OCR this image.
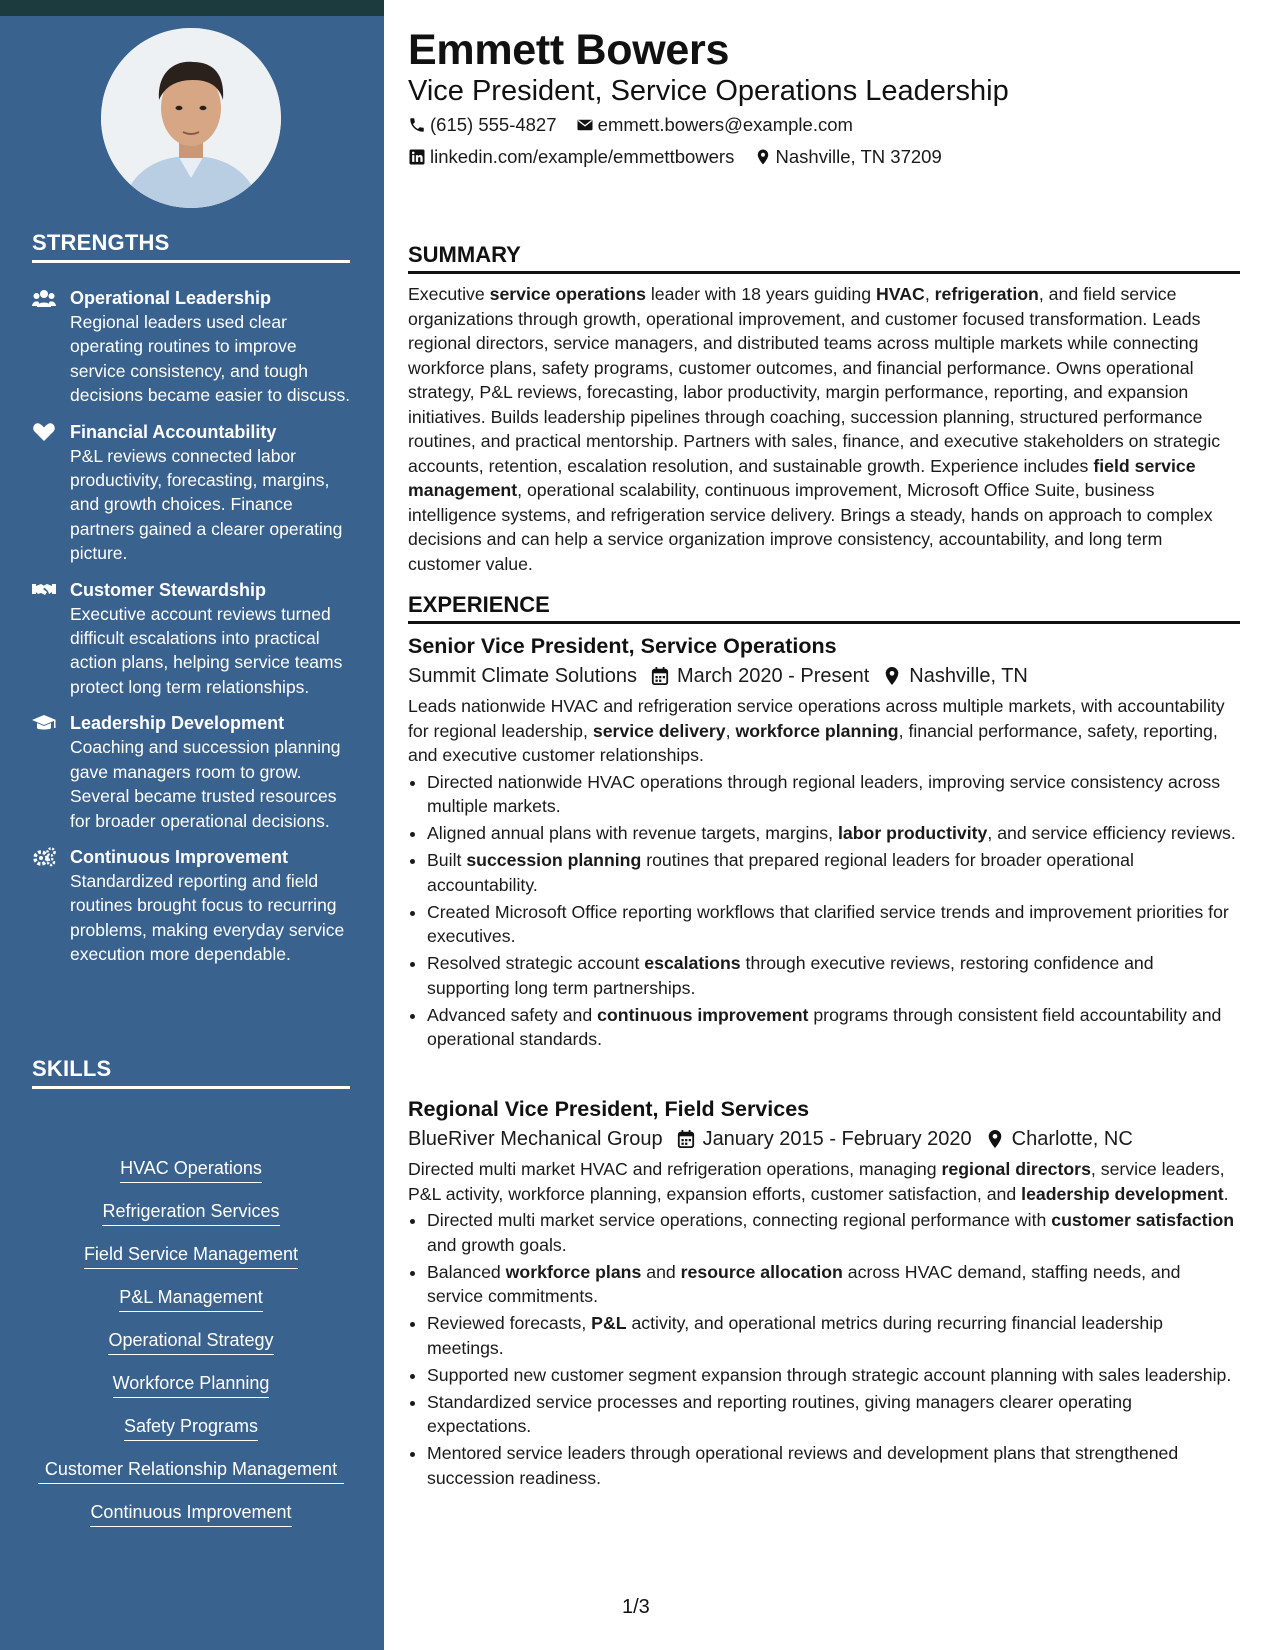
STRENGTHS
Operational Leadership
Regional leaders used clear operating routines to improve service consistency, and tough decisions became easier to discuss.
Financial Accountability
P&L reviews connected labor productivity, forecasting, margins, and growth choices. Finance partners gained a clearer operating picture.
Customer Stewardship
Executive account reviews turned difficult escalations into practical action plans, helping service teams protect long term relationships.
Leadership Development
Coaching and succession planning gave managers room to grow. Several became trusted resources for broader operational decisions.
Continuous Improvement
Standardized reporting and field routines brought focus to recurring problems, making everyday service execution more dependable.
SKILLS
HVAC Operations
Refrigeration Services
Field Service Management
P&L Management
Operational Strategy
Workforce Planning
Safety Programs
Customer Relationship Management
Continuous Improvement
Emmett Bowers
Vice President, Service Operations Leadership
(615) 555-4827
emmett.bowers@example.com
linkedin.com/example/emmettbowers
Nashville, TN 37209
SUMMARY
Executive service operations leader with 18 years guiding HVAC, refrigeration, and field service organizations through growth, operational improvement, and customer focused transformation. Leads regional directors, service managers, and distributed teams across multiple markets while connecting workforce plans, safety programs, customer outcomes, and financial performance. Owns operational strategy, P&L reviews, forecasting, labor productivity, margin performance, reporting, and expansion initiatives. Builds leadership pipelines through coaching, succession planning, structured performance routines, and practical mentorship. Partners with sales, finance, and executive stakeholders on strategic accounts, retention, escalation resolution, and sustainable growth. Experience includes field service management, operational scalability, continuous improvement, Microsoft Office Suite, business intelligence systems, and refrigeration service delivery. Brings a steady, hands on approach to complex decisions and can help a service organization improve consistency, accountability, and long term customer value.
EXPERIENCE
Senior Vice President, Service Operations
Summit Climate Solutions March 2020 - Present Nashville, TN
Leads nationwide HVAC and refrigeration service operations across multiple markets, with accountability for regional leadership, service delivery, workforce planning, financial performance, safety, reporting, and executive customer relationships.
• Directed nationwide HVAC operations through regional leaders, improving service consistency across multiple markets.
• Aligned annual plans with revenue targets, margins, labor productivity, and service efficiency reviews.
• Built succession planning routines that prepared regional leaders for broader operational accountability.
• Created Microsoft Office reporting workflows that clarified service trends and improvement priorities for executives.
• Resolved strategic account escalations through executive reviews, restoring confidence and supporting long term partnerships.
• Advanced safety and continuous improvement programs through consistent field accountability and operational standards.
Regional Vice President, Field Services
BlueRiver Mechanical Group January 2015 - February 2020 Charlotte, NC
Directed multi market HVAC and refrigeration operations, managing regional directors, service leaders, P&L activity, workforce planning, expansion efforts, customer satisfaction, and leadership development.
• Directed multi market service operations, connecting regional performance with customer satisfaction and growth goals.
• Balanced workforce plans and resource allocation across HVAC demand, staffing needs, and service commitments.
• Reviewed forecasts, P&L activity, and operational metrics during recurring financial leadership meetings.
• Supported new customer segment expansion through strategic account planning with sales leadership.
• Standardized service processes and reporting routines, giving managers clearer operating expectations.
• Mentored service leaders through operational reviews and development plans that strengthened succession readiness.
1/3
